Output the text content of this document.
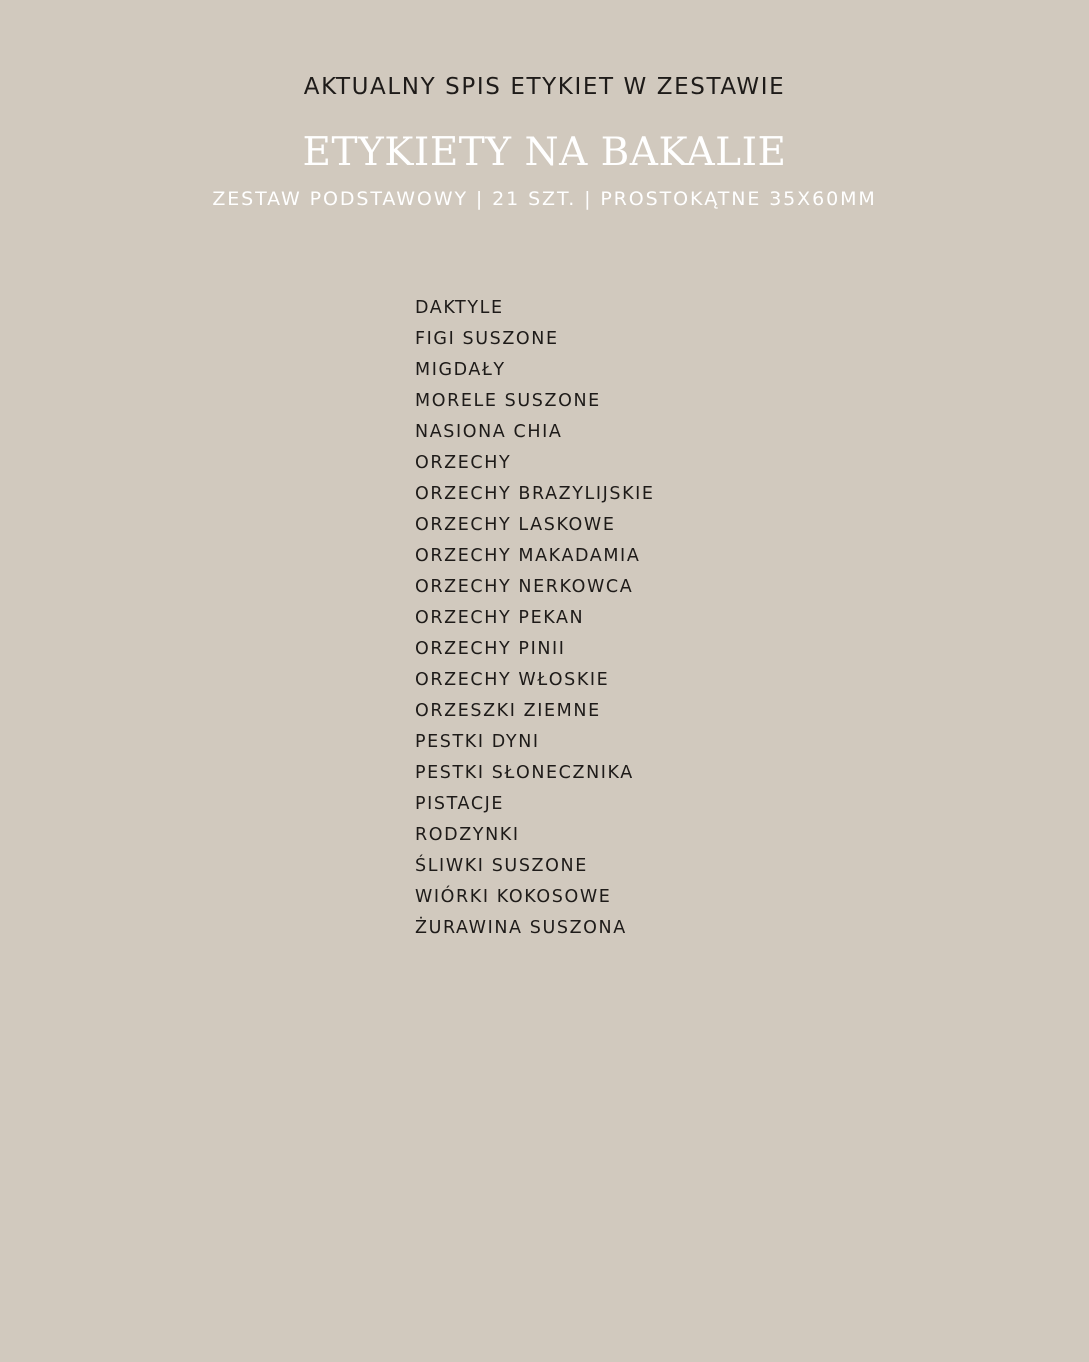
AKTUALNY SPIS ETYKIET W ZESTAWIE
ETYKIETY NA BAKALIE
ZESTAW PODSTAWOWY | 21 SZT. | PROSTOKĄTNE 35X60MM
DAKTYLE
FIGI SUSZONE
MIGDAŁY
MORELE SUSZONE
NASIONA CHIA
ORZECHY
ORZECHY BRAZYLIJSKIE
ORZECHY LASKOWE
ORZECHY MAKADAMIA
ORZECHY NERKOWCA
ORZECHY PEKAN
ORZECHY PINII
ORZECHY WŁOSKIE
ORZESZKI ZIEMNE
PESTKI DYNI
PESTKI SŁONECZNIKA
PISTACJE
RODZYNKI
ŚLIWKI SUSZONE
WIÓRKI KOKOSOWE
ŻURAWINA SUSZONA
